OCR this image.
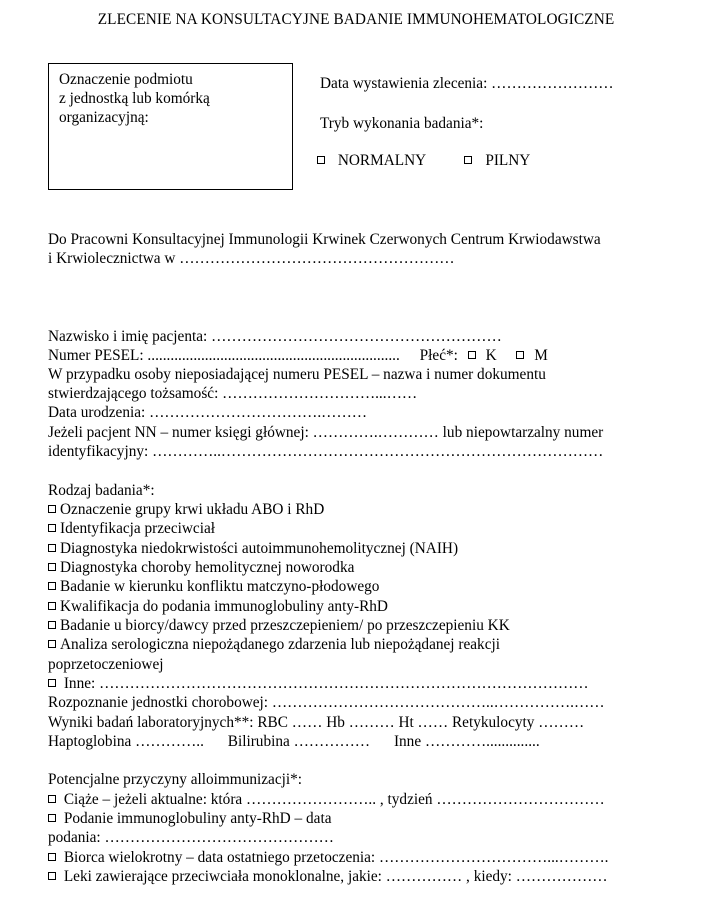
ZLECENIE NA KONSULTACYJNE BADANIE IMMUNOHEMATOLOGICZNE
Oznaczenie podmiotu
z jednostką lub komórką
organizacyjną:
Data wystawienia zlecenia: ……………………
Tryb wykonania badania*:
NORMALNY	PILNY
Do Pracowni Konsultacyjnej Immunologii Krwinek Czerwonych Centrum Krwiodawstwa
i Krwiolecznictwa w ………………………………………………
Nazwisko i imię pacjenta: …………………………………………………
Numer PESEL: .................................................................. Płeć*: K M
W przypadku osoby nieposiadającej numeru PESEL – nazwa i numer dokumentu
stwierdzającego tożsamość: …………………………...……
Data urodzenia: …………………………….………
Jeżeli pacjent NN – numer księgi głównej: ………….………… lub niepowtarzalny numer
identyfikacyjny: …………..…………………………………………………………………
Rodzaj badania*:
Oznaczenie grupy krwi układu ABO i RhD
Identyfikacja przeciwciał
Diagnostyka niedokrwistości autoimmunohemolitycznej (NAIH)
Diagnostyka choroby hemolitycznej noworodka
Badanie w kierunku konfliktu matczyno-płodowego
Kwalifikacja do podania immunoglobuliny anty-RhD
Badanie u biorcy/dawcy przed przeszczepieniem/ po przeszczepieniu KK
Analiza serologiczna niepożądanego zdarzenia lub niepożądanej reakcji
poprzetoczeniowej
Inne: ……………………………………………………………………………………
Rozpoznanie jednostki chorobowej: ……………………………………..…………….……
Wyniki badań laboratoryjnych**: RBC …… Hb ……… Ht …… Retykulocyty ………
Haptoglobina ………….. Bilirubina …………… Inne …………..............
Potencjalne przyczyny alloimmunizacji*:
Ciąże – jeżeli aktualne: która …………………….. , tydzień ……………………………
Podanie immunoglobuliny anty-RhD – data
podania: ………………………………………
Biorca wielokrotny – data ostatniego przetoczenia: ……………………………...……….
Leki zawierające przeciwciała monoklonalne, jakie: …………… , kiedy: ………………
